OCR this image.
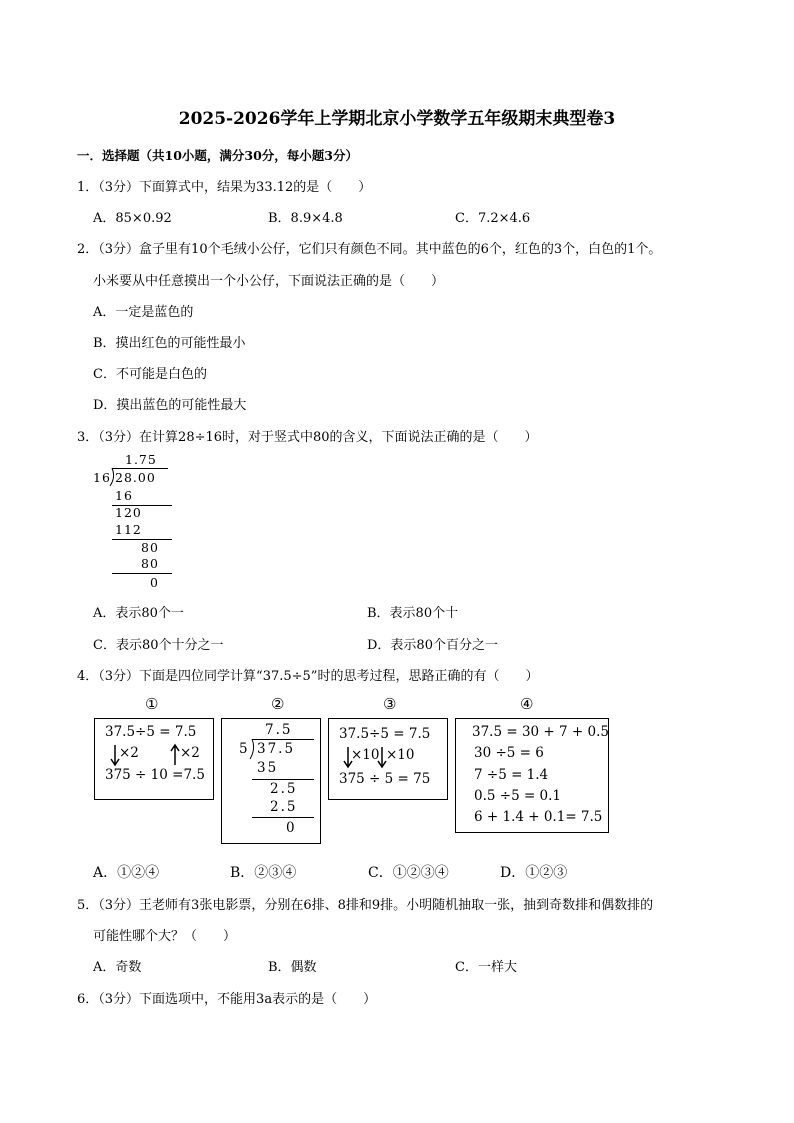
2025-2026学年上学期北京小学数学五年级期末典型卷3
一．选择题（共10小题，满分30分，每小题3分）
1．（3分）下面算式中，结果为33.12的是（　　）
A．85×0.92	B．8.9×4.8	C．7.2×4.6
2．（3分）盒子里有10个毛绒小公仔，它们只有颜色不同。其中蓝色的6个，红色的3个，白色的1个。
小米要从中任意摸出一个小公仔，下面说法正确的是（　　）
A．一定是蓝色的
B．摸出红色的可能性最小
C．不可能是白色的
D．摸出蓝色的可能性最大
3．（3分）在计算28÷16时，对于竖式中80的含义，下面说法正确的是（　　）
1.75
16 28.00
16
120
112
80
80
0
A．表示80个一	B．表示80个十
C．表示80个十分之一	D．表示80个百分之一
4．（3分）下面是四位同学计算“37.5÷5”时的思考过程，思路正确的有（　　）
①	②	③	④
37.5÷5 = 7.5
×2	×2
375 ÷ 10 =7.5
7.5
5 37.5
35
2.5
2.5
0
37.5÷5 = 7.5
×10 ×10
375 ÷ 5 = 75
37.5 = 30 + 7 + 0.5
30 ÷5 = 6
7 ÷5 = 1.4
0.5 ÷5 = 0.1
6 + 1.4 + 0.1= 7.5
A．①②④	B．②③④	C．①②③④	D．①②③
5．（3分）王老师有3张电影票，分别在6排、8排和9排。小明随机抽取一张，抽到奇数排和偶数排的
可能性哪个大？（　　）
A．奇数	B．偶数	C．一样大
6．（3分）下面选项中，不能用3a表示的是（　　）
